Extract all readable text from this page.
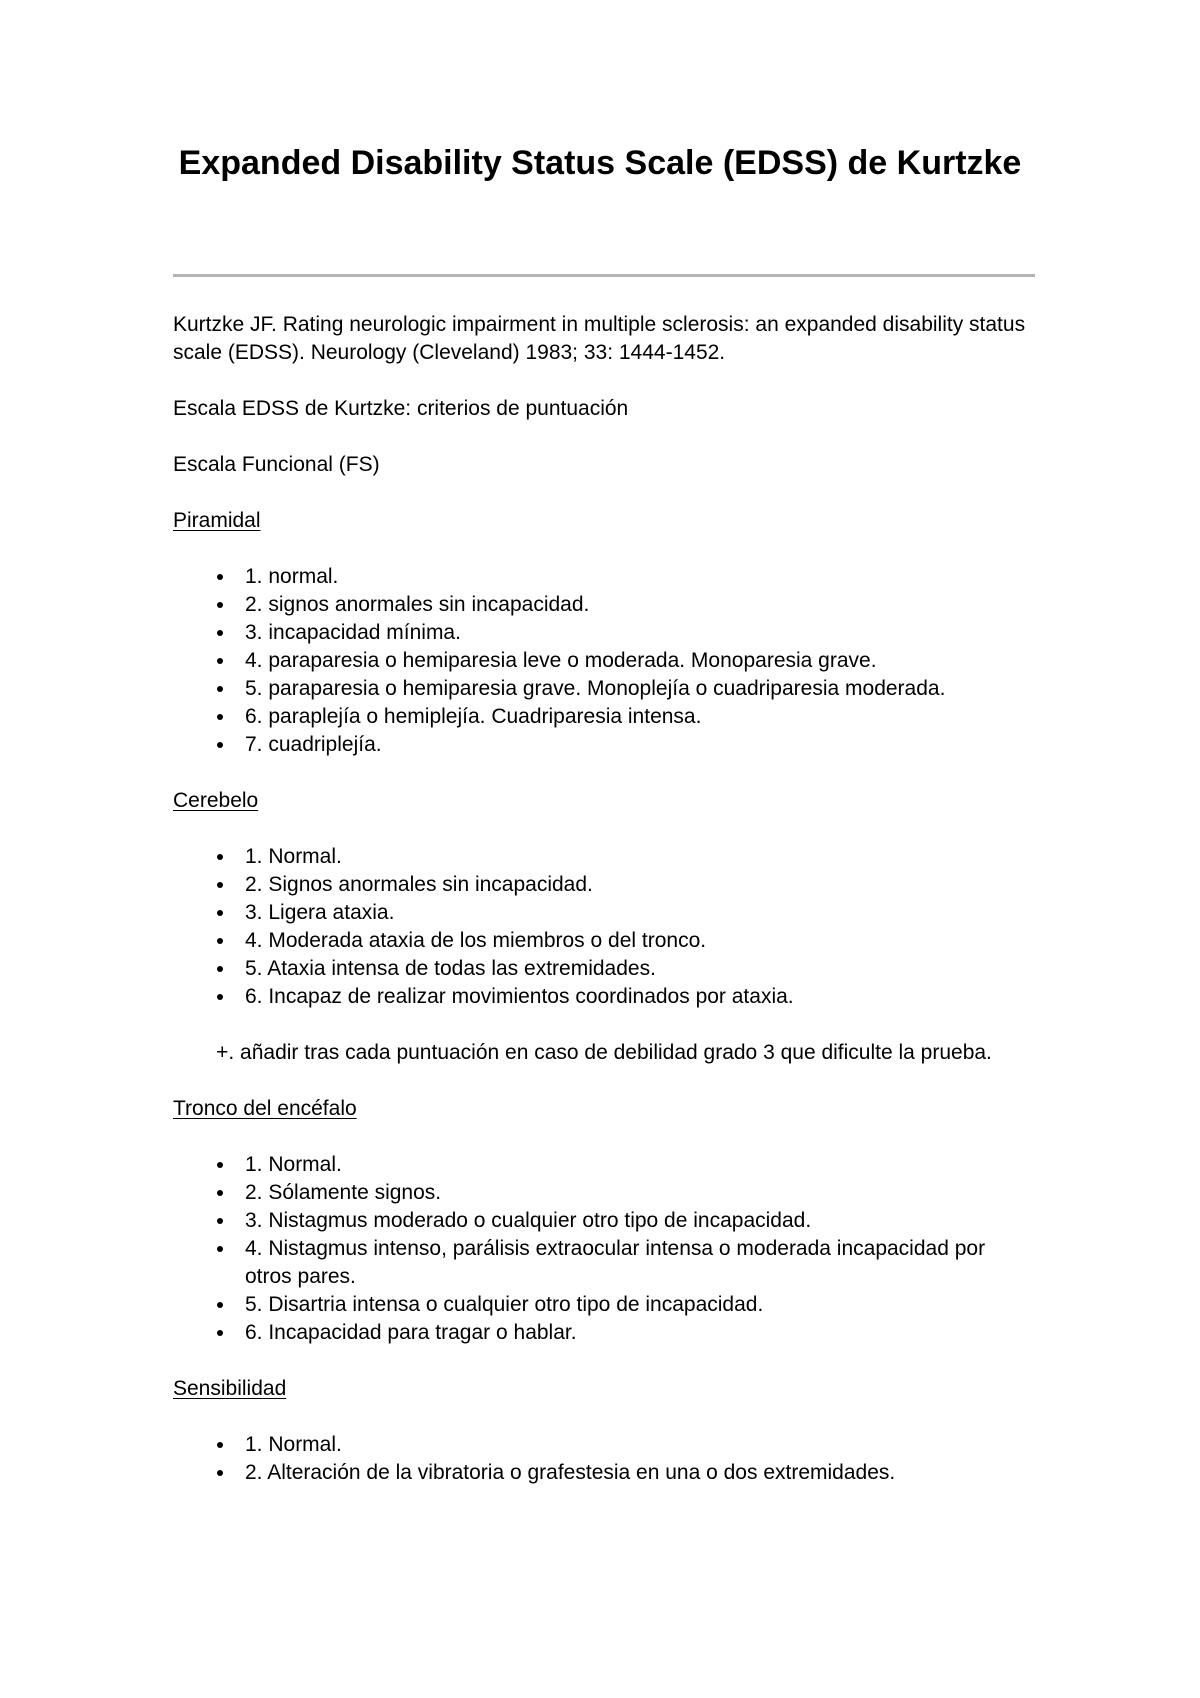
Expanded Disability Status Scale (EDSS) de Kurtzke

Kurtzke JF. Rating neurologic impairment in multiple sclerosis: an expanded disability status scale (EDSS). Neurology (Cleveland) 1983; 33: 1444-1452.

Escala EDSS de Kurtzke: criterios de puntuación

Escala Funcional (FS)

Piramidal

1. normal.
2. signos anormales sin incapacidad.
3. incapacidad mínima.
4. paraparesia o hemiparesia leve o moderada. Monoparesia grave.
5. paraparesia o hemiparesia grave. Monoplejía o cuadriparesia moderada.
6. paraplejía o hemiplejía. Cuadriparesia intensa.
7. cuadriplejía.

Cerebelo

1. Normal.
2. Signos anormales sin incapacidad.
3. Ligera ataxia.
4. Moderada ataxia de los miembros o del tronco.
5. Ataxia intensa de todas las extremidades.
6. Incapaz de realizar movimientos coordinados por ataxia.

+. añadir tras cada puntuación en caso de debilidad grado 3 que dificulte la prueba.

Tronco del encéfalo

1. Normal.
2. Sólamente signos.
3. Nistagmus moderado o cualquier otro tipo de incapacidad.
4. Nistagmus intenso, parálisis extraocular intensa o moderada incapacidad por otros pares.
5. Disartria intensa o cualquier otro tipo de incapacidad.
6. Incapacidad para tragar o hablar.

Sensibilidad

1. Normal.
2. Alteración de la vibratoria o grafestesia en una o dos extremidades.
